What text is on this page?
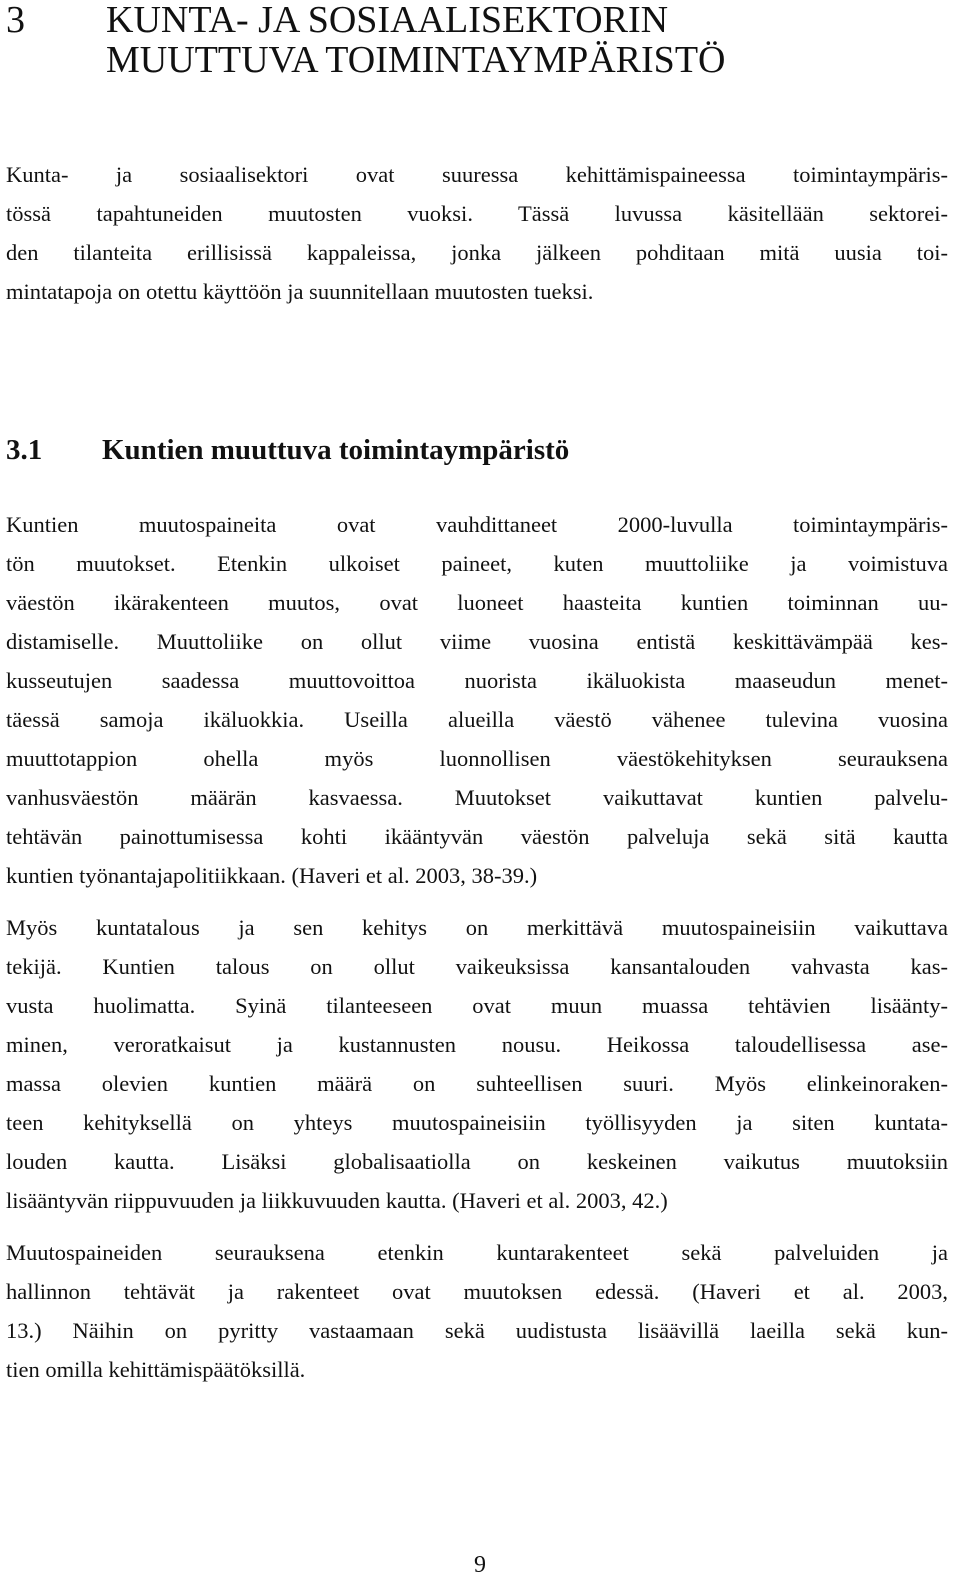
3 KUNTA- JA SOSIAALISEKTORIN
MUUTTUVA TOIMINTAYMPÄRISTÖ

Kunta- ja sosiaalisektori ovat suuressa kehittämispaineessa toimintaympäris-
tössä tapahtuneiden muutosten vuoksi. Tässä luvussa käsitellään sektorei-
den tilanteita erillisissä kappaleissa, jonka jälkeen pohditaan mitä uusia toi-
mintatapoja on otettu käyttöön ja suunnitellaan muutosten tueksi.

3.1 Kuntien muuttuva toimintaympäristö

Kuntien muutospaineita ovat vauhdittaneet 2000-luvulla toimintaympäris-
tön muutokset. Etenkin ulkoiset paineet, kuten muuttoliike ja voimistuva
väestön ikärakenteen muutos, ovat luoneet haasteita kuntien toiminnan uu-
distamiselle. Muuttoliike on ollut viime vuosina entistä keskittävämpää kes-
kusseutujen saadessa muuttovoittoa nuorista ikäluokista maaseudun menet-
täessä samoja ikäluokkia. Useilla alueilla väestö vähenee tulevina vuosina
muuttotappion ohella myös luonnollisen väestökehityksen seurauksena
vanhusväestön määrän kasvaessa. Muutokset vaikuttavat kuntien palvelu-
tehtävän painottumisessa kohti ikääntyvän väestön palveluja sekä sitä kautta
kuntien työnantajapolitiikkaan. (Haveri et al. 2003, 38-39.)

Myös kuntatalous ja sen kehitys on merkittävä muutospaineisiin vaikuttava
tekijä. Kuntien talous on ollut vaikeuksissa kansantalouden vahvasta kas-
vusta huolimatta. Syinä tilanteeseen ovat muun muassa tehtävien lisäänty-
minen, veroratkaisut ja kustannusten nousu. Heikossa taloudellisessa ase-
massa olevien kuntien määrä on suhteellisen suuri. Myös elinkeinoraken-
teen kehityksellä on yhteys muutospaineisiin työllisyyden ja siten kuntata-
louden kautta. Lisäksi globalisaatiolla on keskeinen vaikutus muutoksiin
lisääntyvän riippuvuuden ja liikkuvuuden kautta. (Haveri et al. 2003, 42.)

Muutospaineiden seurauksena etenkin kuntarakenteet sekä palveluiden ja
hallinnon tehtävät ja rakenteet ovat muutoksen edessä. (Haveri et al. 2003,
13.) Näihin on pyritty vastaamaan sekä uudistusta lisäävillä laeilla sekä kun-
tien omilla kehittämispäätöksillä.

9
